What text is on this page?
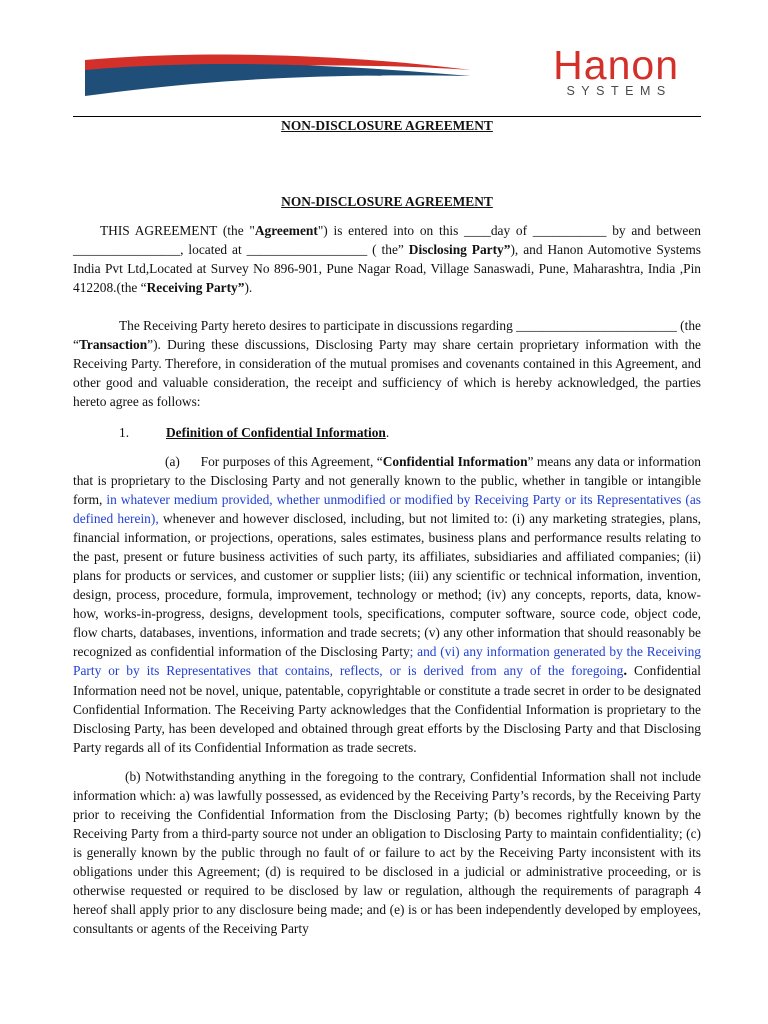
Hanon
SYSTEMS
NON-DISCLOSURE AGREEMENT
NON-DISCLOSURE AGREEMENT

THIS AGREEMENT (the "Agreement") is entered into on this ____day of ___________ by and between ________________, located at __________________ ( the” Disclosing Party”), and Hanon Automotive Systems India Pvt Ltd,Located at Survey No 896-901, Pune Nagar Road, Village Sanaswadi, Pune, Maharashtra, India ,Pin 412208.(the “Receiving Party”).

The Receiving Party hereto desires to participate in discussions regarding ________________________ (the “Transaction”). During these discussions, Disclosing Party may share certain proprietary information with the Receiving Party. Therefore, in consideration of the mutual promises and covenants contained in this Agreement, and other good and valuable consideration, the receipt and sufficiency of which is hereby acknowledged, the parties hereto agree as follows:

1.	Definition of Confidential Information.

(a)      For purposes of this Agreement, “Confidential Information” means any data or information that is proprietary to the Disclosing Party and not generally known to the public, whether in tangible or intangible form, in whatever medium provided, whether unmodified or modified by Receiving Party or its Representatives (as defined herein), whenever and however disclosed, including, but not limited to: (i) any marketing strategies, plans, financial information, or projections, operations, sales estimates, business plans and performance results relating to the past, present or future business activities of such party, its affiliates, subsidiaries and affiliated companies; (ii) plans for products or services, and customer or supplier lists; (iii) any scientific or technical information, invention, design, process, procedure, formula, improvement, technology or method; (iv) any concepts, reports, data, know-how, works-in-progress, designs, development tools, specifications, computer software, source code, object code, flow charts, databases, inventions, information and trade secrets; (v) any other information that should reasonably be recognized as confidential information of the Disclosing Party; and (vi) any information generated by the Receiving Party or by its Representatives that contains, reflects, or is derived from any of the foregoing. Confidential Information need not be novel, unique, patentable, copyrightable or constitute a trade secret in order to be designated Confidential Information. The Receiving Party acknowledges that the Confidential Information is proprietary to the Disclosing Party, has been developed and obtained through great efforts by the Disclosing Party and that Disclosing Party regards all of its Confidential Information as trade secrets.

(b) Notwithstanding anything in the foregoing to the contrary, Confidential Information shall not include information which: a) was lawfully possessed, as evidenced by the Receiving Party’s records, by the Receiving Party prior to receiving the Confidential Information from the Disclosing Party; (b) becomes rightfully known by the Receiving Party from a third-party source not under an obligation to Disclosing Party to maintain confidentiality; (c) is generally known by the public through no fault of or failure to act by the Receiving Party inconsistent with its obligations under this Agreement; (d) is required to be disclosed in a judicial or administrative proceeding, or is otherwise requested or required to be disclosed by law or regulation, although the requirements of paragraph 4 hereof shall apply prior to any disclosure being made; and (e) is or has been independently developed by employees, consultants or agents of the Receiving Party
